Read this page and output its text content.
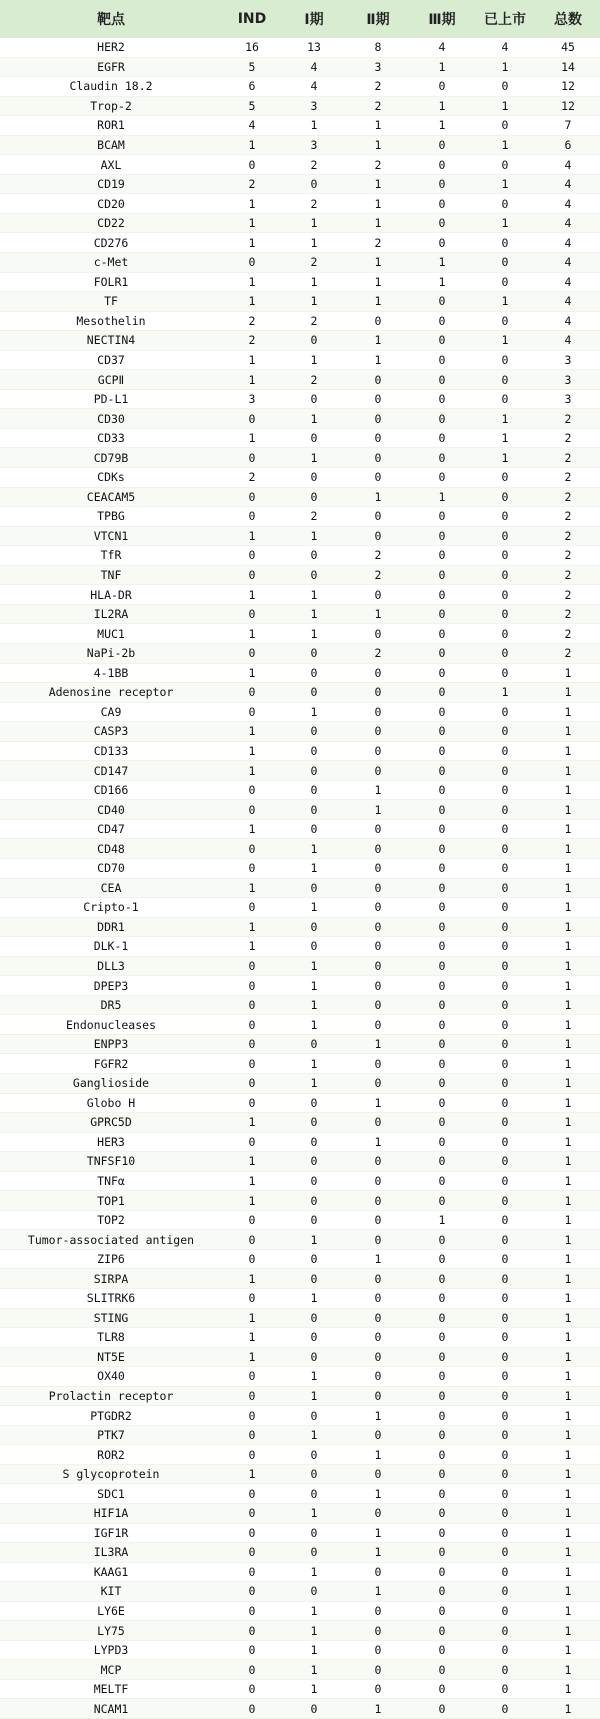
靶点	IND	Ⅰ期	Ⅱ期	Ⅲ期	已上市	总数
HER2	16	13	8	4	4	45
EGFR	5	4	3	1	1	14
Claudin 18.2	6	4	2	0	0	12
Trop-2	5	3	2	1	1	12
ROR1	4	1	1	1	0	7
BCAM	1	3	1	0	1	6
AXL	0	2	2	0	0	4
CD19	2	0	1	0	1	4
CD20	1	2	1	0	0	4
CD22	1	1	1	0	1	4
CD276	1	1	2	0	0	4
c-Met	0	2	1	1	0	4
FOLR1	1	1	1	1	0	4
TF	1	1	1	0	1	4
Mesothelin	2	2	0	0	0	4
NECTIN4	2	0	1	0	1	4
CD37	1	1	1	0	0	3
GCPⅡ	1	2	0	0	0	3
PD-L1	3	0	0	0	0	3
CD30	0	1	0	0	1	2
CD33	1	0	0	0	1	2
CD79B	0	1	0	0	1	2
CDKs	2	0	0	0	0	2
CEACAM5	0	0	1	1	0	2
TPBG	0	2	0	0	0	2
VTCN1	1	1	0	0	0	2
TfR	0	0	2	0	0	2
TNF	0	0	2	0	0	2
HLA-DR	1	1	0	0	0	2
IL2RA	0	1	1	0	0	2
MUC1	1	1	0	0	0	2
NaPi-2b	0	0	2	0	0	2
4-1BB	1	0	0	0	0	1
Adenosine receptor	0	0	0	0	1	1
CA9	0	1	0	0	0	1
CASP3	1	0	0	0	0	1
CD133	1	0	0	0	0	1
CD147	1	0	0	0	0	1
CD166	0	0	1	0	0	1
CD40	0	0	1	0	0	1
CD47	1	0	0	0	0	1
CD48	0	1	0	0	0	1
CD70	0	1	0	0	0	1
CEA	1	0	0	0	0	1
Cripto-1	0	1	0	0	0	1
DDR1	1	0	0	0	0	1
DLK-1	1	0	0	0	0	1
DLL3	0	1	0	0	0	1
DPEP3	0	1	0	0	0	1
DR5	0	1	0	0	0	1
Endonucleases	0	1	0	0	0	1
ENPP3	0	0	1	0	0	1
FGFR2	0	1	0	0	0	1
Ganglioside	0	1	0	0	0	1
Globo H	0	0	1	0	0	1
GPRC5D	1	0	0	0	0	1
HER3	0	0	1	0	0	1
TNFSF10	1	0	0	0	0	1
TNFα	1	0	0	0	0	1
TOP1	1	0	0	0	0	1
TOP2	0	0	0	1	0	1
Tumor-associated antigen	0	1	0	0	0	1
ZIP6	0	0	1	0	0	1
SIRPA	1	0	0	0	0	1
SLITRK6	0	1	0	0	0	1
STING	1	0	0	0	0	1
TLR8	1	0	0	0	0	1
NT5E	1	0	0	0	0	1
OX40	0	1	0	0	0	1
Prolactin receptor	0	1	0	0	0	1
PTGDR2	0	0	1	0	0	1
PTK7	0	1	0	0	0	1
ROR2	0	0	1	0	0	1
S glycoprotein	1	0	0	0	0	1
SDC1	0	0	1	0	0	1
HIF1A	0	1	0	0	0	1
IGF1R	0	0	1	0	0	1
IL3RA	0	0	1	0	0	1
KAAG1	0	1	0	0	0	1
KIT	0	0	1	0	0	1
LY6E	0	1	0	0	0	1
LY75	0	1	0	0	0	1
LYPD3	0	1	0	0	0	1
MCP	0	1	0	0	0	1
MELTF	0	1	0	0	0	1
NCAM1	0	0	1	0	0	1
